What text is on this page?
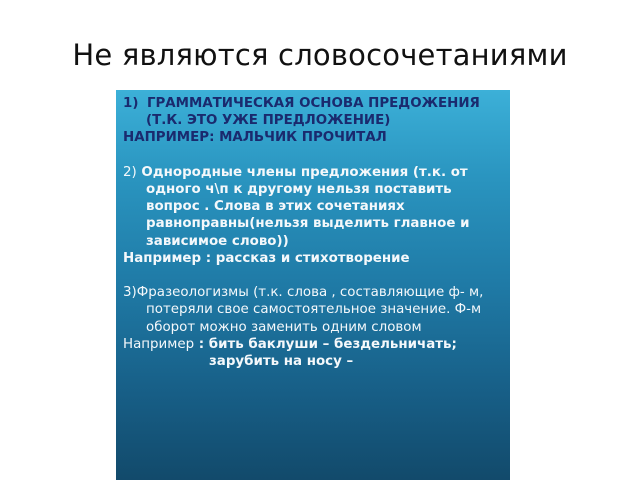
Не являются словосочетаниями

1) ГРАММАТИЧЕСКАЯ ОСНОВА ПРЕДОЖЕНИЯ (Т.К. ЭТО УЖЕ ПРЕДЛОЖЕНИЕ)

НАПРИМЕР: МАЛЬЧИК ПРОЧИТАЛ

2) Однородные члены предложения (т.к. от одного ч\п к другому нельзя поставить вопрос . Слова в этих сочетаниях равноправны(нельзя выделить главное и зависимое слово))

Например : рассказ и стихотворение

3)Фразеологизмы (т.к. слова , составляющие ф- м, потеряли свое самостоятельное значение. Ф-м оборот можно заменить одним словом

Например : бить баклуши – бездельничать;

зарубить на носу –
